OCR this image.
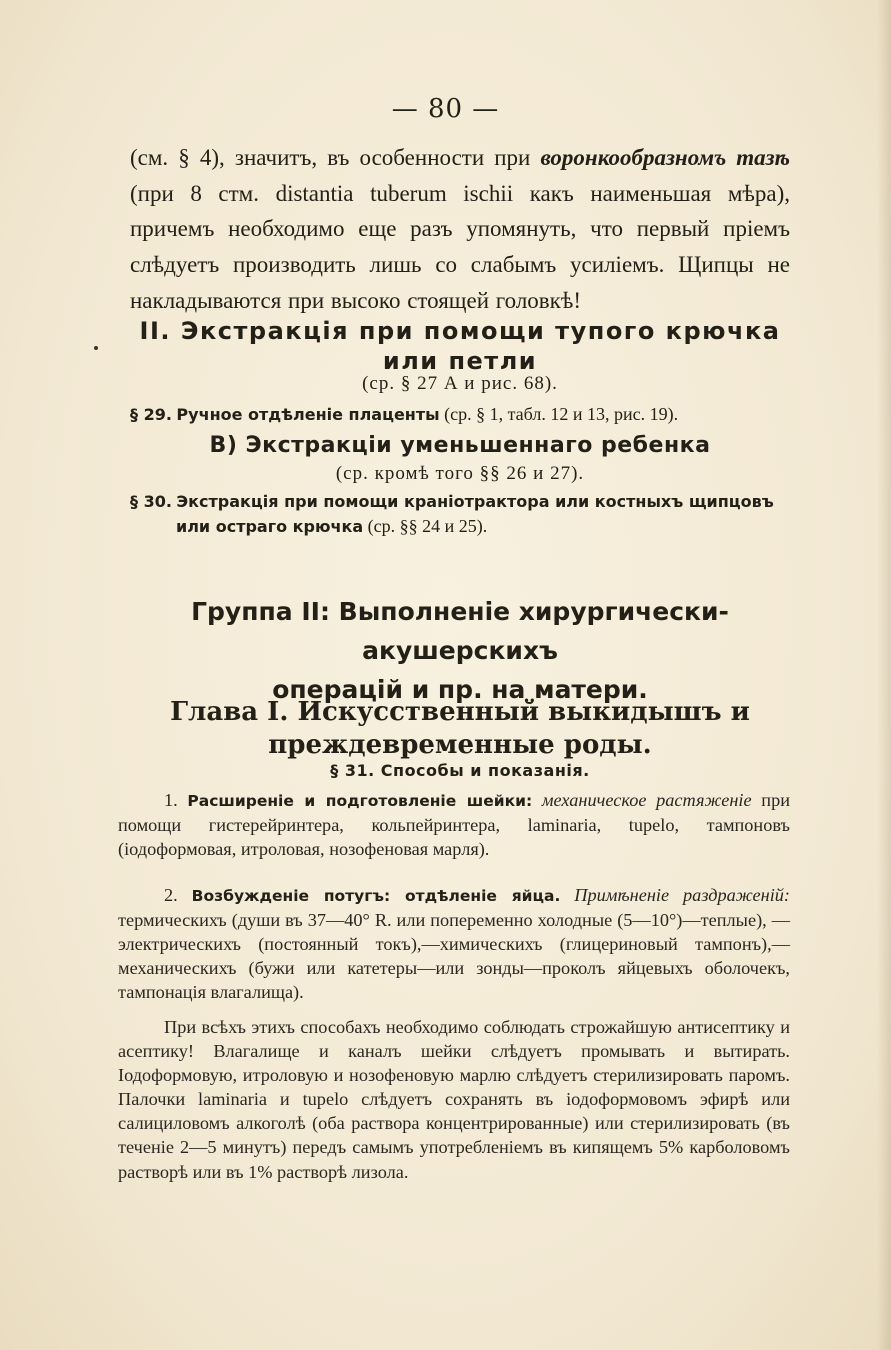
— 80 —
(см. § 4), значитъ, въ особенности при воронкообразномъ тазѣ (при 8 стм. distantia tuberum ischii какъ наименьшая мѣра), причемъ необходимо еще разъ упомянуть, что первый пріемъ слѣдуетъ производить лишь со слабымъ усиліемъ. Щипцы не накладываются при высоко стоящей головкѣ!
II. Экстракція при помощи тупого крючка
или петли
(ср. § 27 А и рис. 68).
§ 29. Ручное отдѣленіе плаценты (ср. § 1, табл. 12 и 13, рис. 19).
В) Экстракціи уменьшеннаго ребенка
(ср. кромѣ того §§ 26 и 27).
§ 30. Экстракція при помощи краніотрактора или костныхъ щипцовъ
или остраго крючка (ср. §§ 24 и 25).
Группа II: Выполненіе хирургически-акушерскихъ
операцій и пр. на матери.
Глава I. Искусственный выкидышъ и
преждевременные роды.
§ 31. Способы и показанія.
1. Расширеніе и подготовленіе шейки: механическое растяженіе при помощи гистерейринтера, кольпейринтера, laminaria, tupelo, тампоновъ (іодоформовая, итроловая, нозофеновая марля).
2. Возбужденіе потугъ: отдѣленіе яйца. Примѣненіе раздраженій: термическихъ (души въ 37—40° R. или попеременно холодные (5—10°)—теплые), — электрическихъ (постоянный токъ),—химическихъ (глицериновый тампонъ),—механическихъ (бужи или катетеры—или зонды—проколъ яйцевыхъ оболочекъ, тампонація влагалища).
При всѣхъ этихъ способахъ необходимо соблюдать строжайшую антисептику и асептику! Влагалище и каналъ шейки слѣдуетъ промывать и вытирать. Іодоформовую, итроловую и нозофеновую марлю слѣдуетъ стерилизировать паромъ. Палочки laminaria и tupelo слѣдуетъ сохранять въ іодоформовомъ эфирѣ или салициловомъ алкоголѣ (оба раствора концентрированные) или стерилизировать (въ теченіе 2—5 минутъ) передъ самымъ употребленіемъ въ кипящемъ 5% карболовомъ растворѣ или въ 1% растворѣ лизола.
